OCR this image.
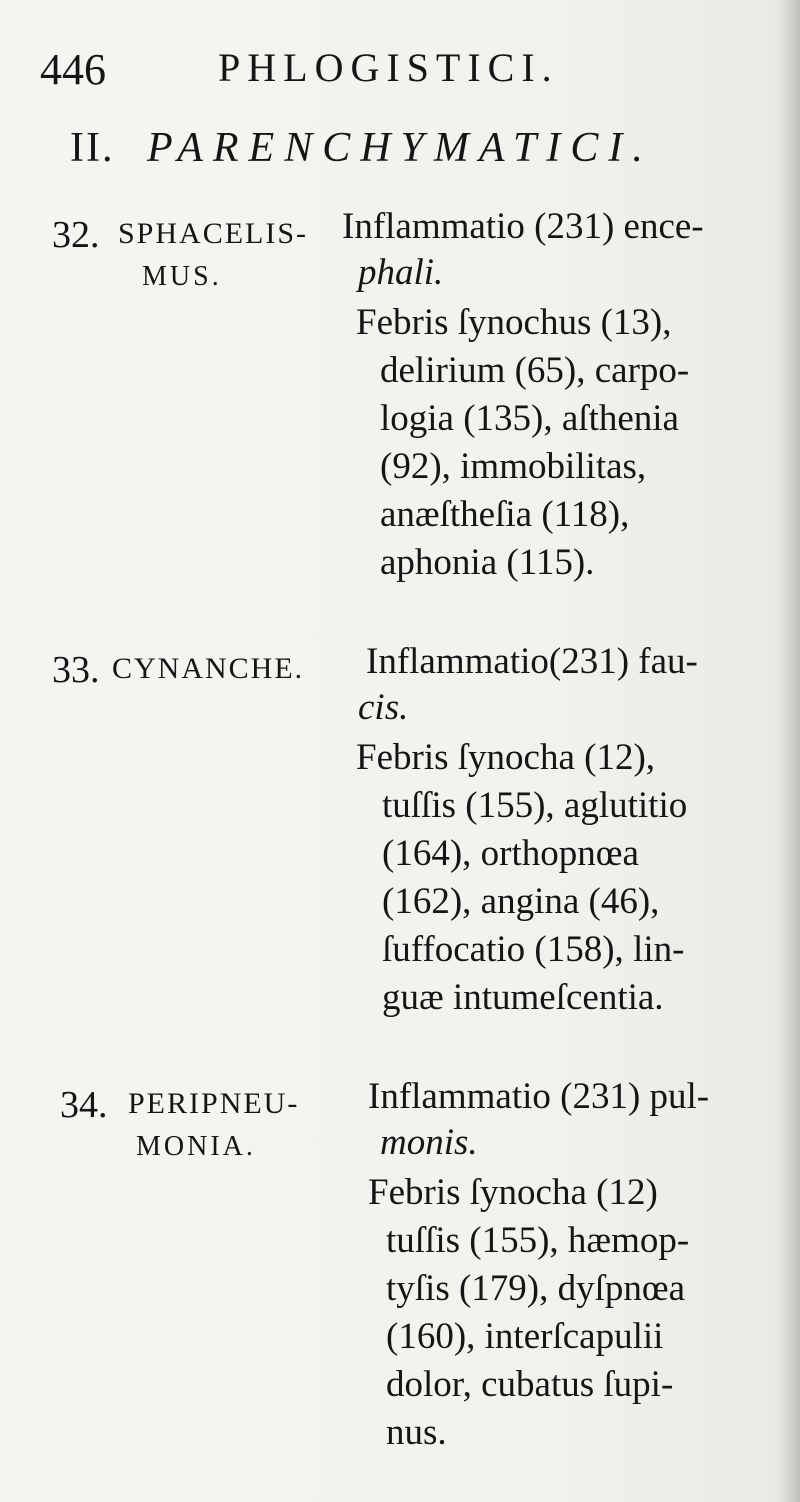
446	PHLOGISTICI.
II. PARENCHYMATICI.
32. SPHACELIS-
MUS.
Inflammatio (231) ence-
phali.
Febris ſynochus (13),
delirium (65), carpo-
logia (135), aſthenia
(92), immobilitas,
anæſtheſia (118),
aphonia (115).
33. CYNANCHE. Inflammatio(231) fau-
cis.
Febris ſynocha (12),
tuſſis (155), aglutitio
(164), orthopnœa
(162), angina (46),
ſuffocatio (158), lin-
guæ intumeſcentia.
34. PERIPNEU-
MONIA.
Inflammatio (231) pul-
monis.
Febris ſynocha (12)
tuſſis (155), hæmop-
tyſis (179), dyſpnœa
(160), interſcapulii
dolor, cubatus ſupi-
nus.
